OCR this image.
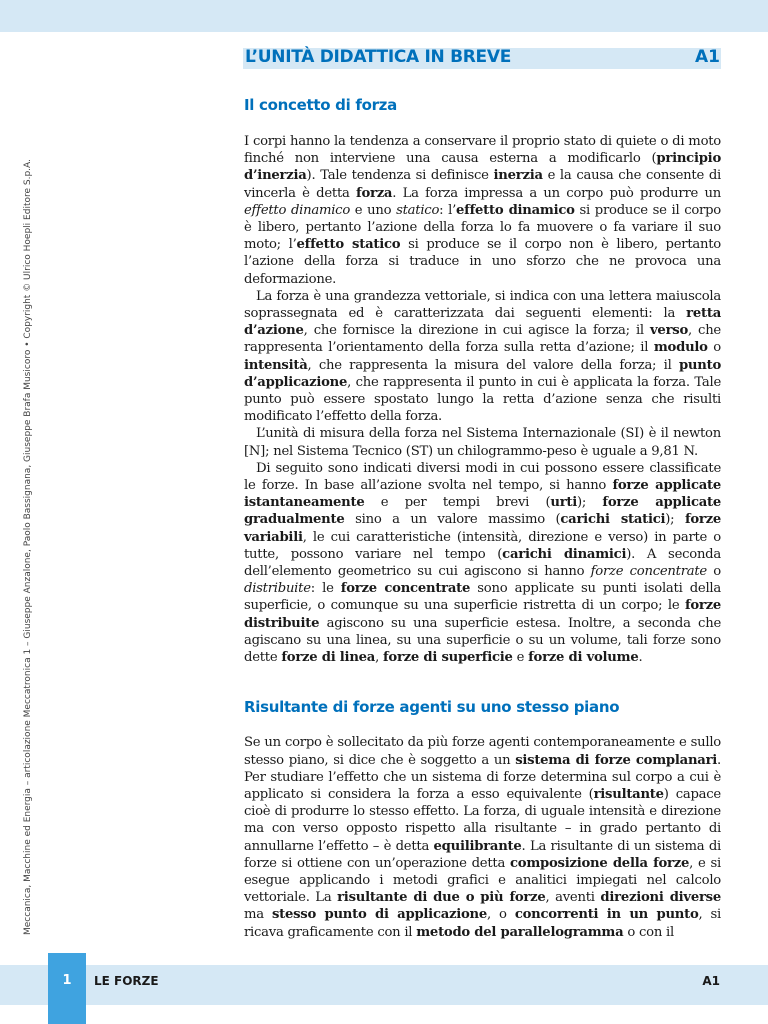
L’UNITÀ DIDATTICA IN BREVE	A1
Meccanica, Macchine ed Energia – articolazione Meccatronica 1 – Giuseppe Anzalone, Paolo Bassignana, Giuseppe Brafa Musicoro • Copyright © Ulrico Hoepli Editore S.p.A.
Il concetto di forza

I corpi hanno la tendenza a conservare il proprio stato di quiete o di moto finché non interviene una causa esterna a modificarlo (principio d’inerzia). Tale tendenza si definisce inerzia e la causa che consente di vincerla è detta forza. La forza impressa a un corpo può produrre un effetto dinamico e uno statico: l’effetto dinamico si produce se il corpo è libero, pertanto l’azione della forza lo fa muovere o fa variare il suo moto; l’effetto statico si produce se il corpo non è libero, pertanto l’azione della forza si traduce in uno sforzo che ne provoca una deformazione.

La forza è una grandezza vettoriale, si indica con una lettera maiuscola soprassegnata ed è caratterizzata dai seguenti elementi: la retta d’azione, che fornisce la direzione in cui agisce la forza; il verso, che rappresenta l’orientamento della forza sulla retta d’azione; il modulo o intensità, che rappresenta la misura del valore della forza; il punto d’applicazione, che rappresenta il punto in cui è applicata la forza. Tale punto può essere spostato lungo la retta d’azione senza che risulti modificato l’effetto della forza.

L’unità di misura della forza nel Sistema Internazionale (SI) è il newton [N]; nel Sistema Tecnico (ST) un chilogrammo-peso è uguale a 9,81 N.

Di seguito sono indicati diversi modi in cui possono essere classificate le forze. In base all’azione svolta nel tempo, si hanno forze applicate istantaneamente e per tempi brevi (urti); forze applicate gradualmente sino a un valore massimo (carichi statici); forze variabili, le cui caratteristiche (intensità, direzione e verso) in parte o tutte, possono variare nel tempo (carichi dinamici). A seconda dell’elemento geometrico su cui agiscono si hanno forze concentrate o distribuite: le forze concentrate sono applicate su punti isolati della superficie, o comunque su una superficie ristretta di un corpo; le forze distribuite agiscono su una superficie estesa. Inoltre, a seconda che agiscano su una linea, su una superficie o su un volume, tali forze sono dette forze di linea, forze di superficie e forze di volume.

Risultante di forze agenti su uno stesso piano

Se un corpo è sollecitato da più forze agenti contemporaneamente e sullo stesso piano, si dice che è soggetto a un sistema di forze complanari. Per studiare l’effetto che un sistema di forze determina sul corpo a cui è applicato si considera la forza a esso equivalente (risultante) capace cioè di produrre lo stesso effetto. La forza, di uguale intensità e direzione ma con verso opposto rispetto alla risultante – in grado pertanto di annullarne l’effetto – è detta equilibrante. La risultante di un sistema di forze si ottiene con un’operazione detta composizione della forze, e si esegue applicando i metodi grafici e analitici impiegati nel calcolo vettoriale. La risultante di due o più forze, aventi direzioni diverse ma stesso punto di applicazione, o concorrenti in un punto, si ricava graficamente con il metodo del parallelogramma o con il

1	LE FORZE	A1
